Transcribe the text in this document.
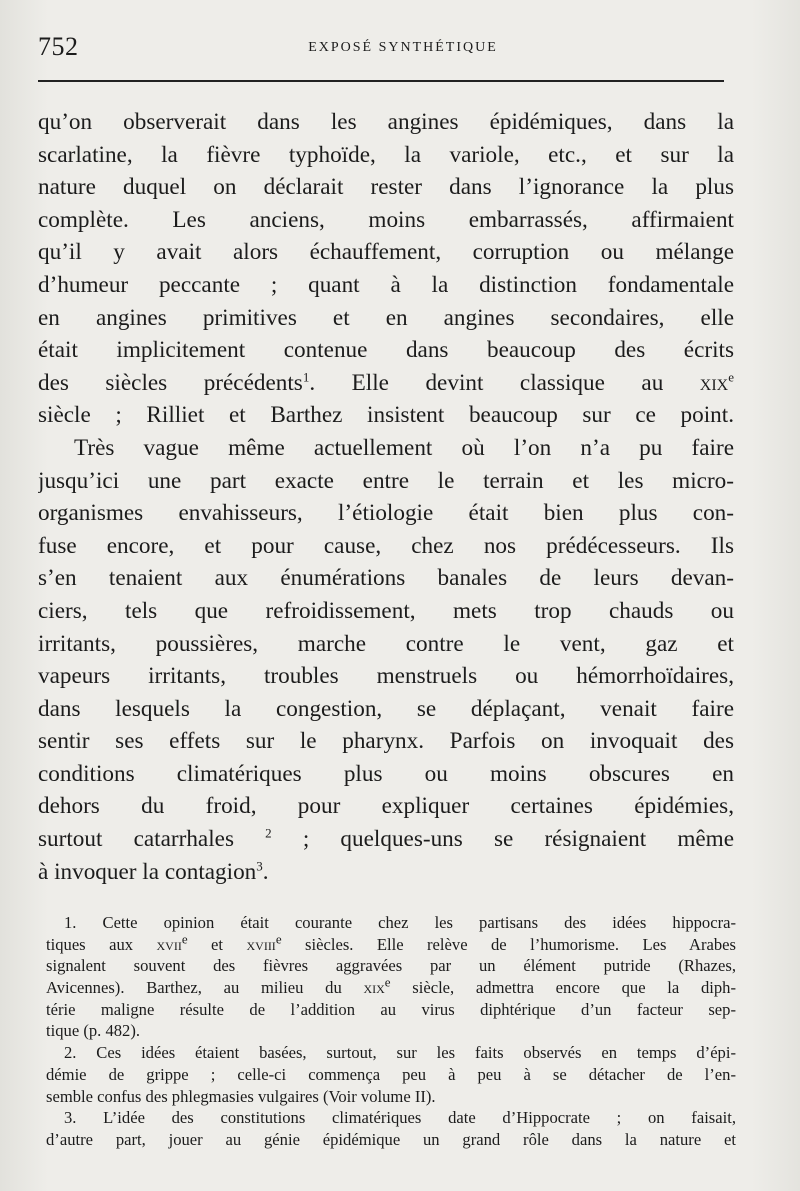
752	EXPOSÉ SYNTHÉTIQUE
qu’on observerait dans les angines épidémiques, dans la
scarlatine, la fièvre typhoïde, la variole, etc., et sur la
nature duquel on déclarait rester dans l’ignorance la plus
complète. Les anciens, moins embarrassés, affirmaient
qu’il y avait alors échauffement, corruption ou mélange
d’humeur peccante ; quant à la distinction fondamentale
en angines primitives et en angines secondaires, elle
était implicitement contenue dans beaucoup des écrits
des siècles précédents$^1$. Elle devint classique au xix$^e$
siècle ; Rilliet et Barthez insistent beaucoup sur ce point.
Très vague même actuellement où l’on n’a pu faire
jusqu’ici une part exacte entre le terrain et les micro-
organismes envahisseurs, l’étiologie était bien plus con-
fuse encore, et pour cause, chez nos prédécesseurs. Ils
s’en tenaient aux énumérations banales de leurs devan-
ciers, tels que refroidissement, mets trop chauds ou
irritants, poussières, marche contre le vent, gaz et
vapeurs irritants, troubles menstruels ou hémorrhoïdaires,
dans lesquels la congestion, se déplaçant, venait faire
sentir ses effets sur le pharynx. Parfois on invoquait des
conditions climatériques plus ou moins obscures en
dehors du froid, pour expliquer certaines épidémies,
surtout catarrhales $^2$ ; quelques-uns se résignaient même
à invoquer la contagion$^3$.
1. Cette opinion était courante chez les partisans des idées hippocra-
tiques aux xvii$^e$ et xviii$^e$ siècles. Elle relève de l’humorisme. Les Arabes
signalent souvent des fièvres aggravées par un élément putride (Rhazes,
Avicennes). Barthez, au milieu du xix$^e$ siècle, admettra encore que la diph-
térie maligne résulte de l’addition au virus diphtérique d’un facteur sep-
tique (p. 482).
2. Ces idées étaient basées, surtout, sur les faits observés en temps d’épi-
démie de grippe ; celle-ci commença peu à peu à se détacher de l’en-
semble confus des phlegmasies vulgaires (Voir volume II).
3. L’idée des constitutions climatériques date d’Hippocrate ; on faisait,
d’autre part, jouer au génie épidémique un grand rôle dans la nature et
